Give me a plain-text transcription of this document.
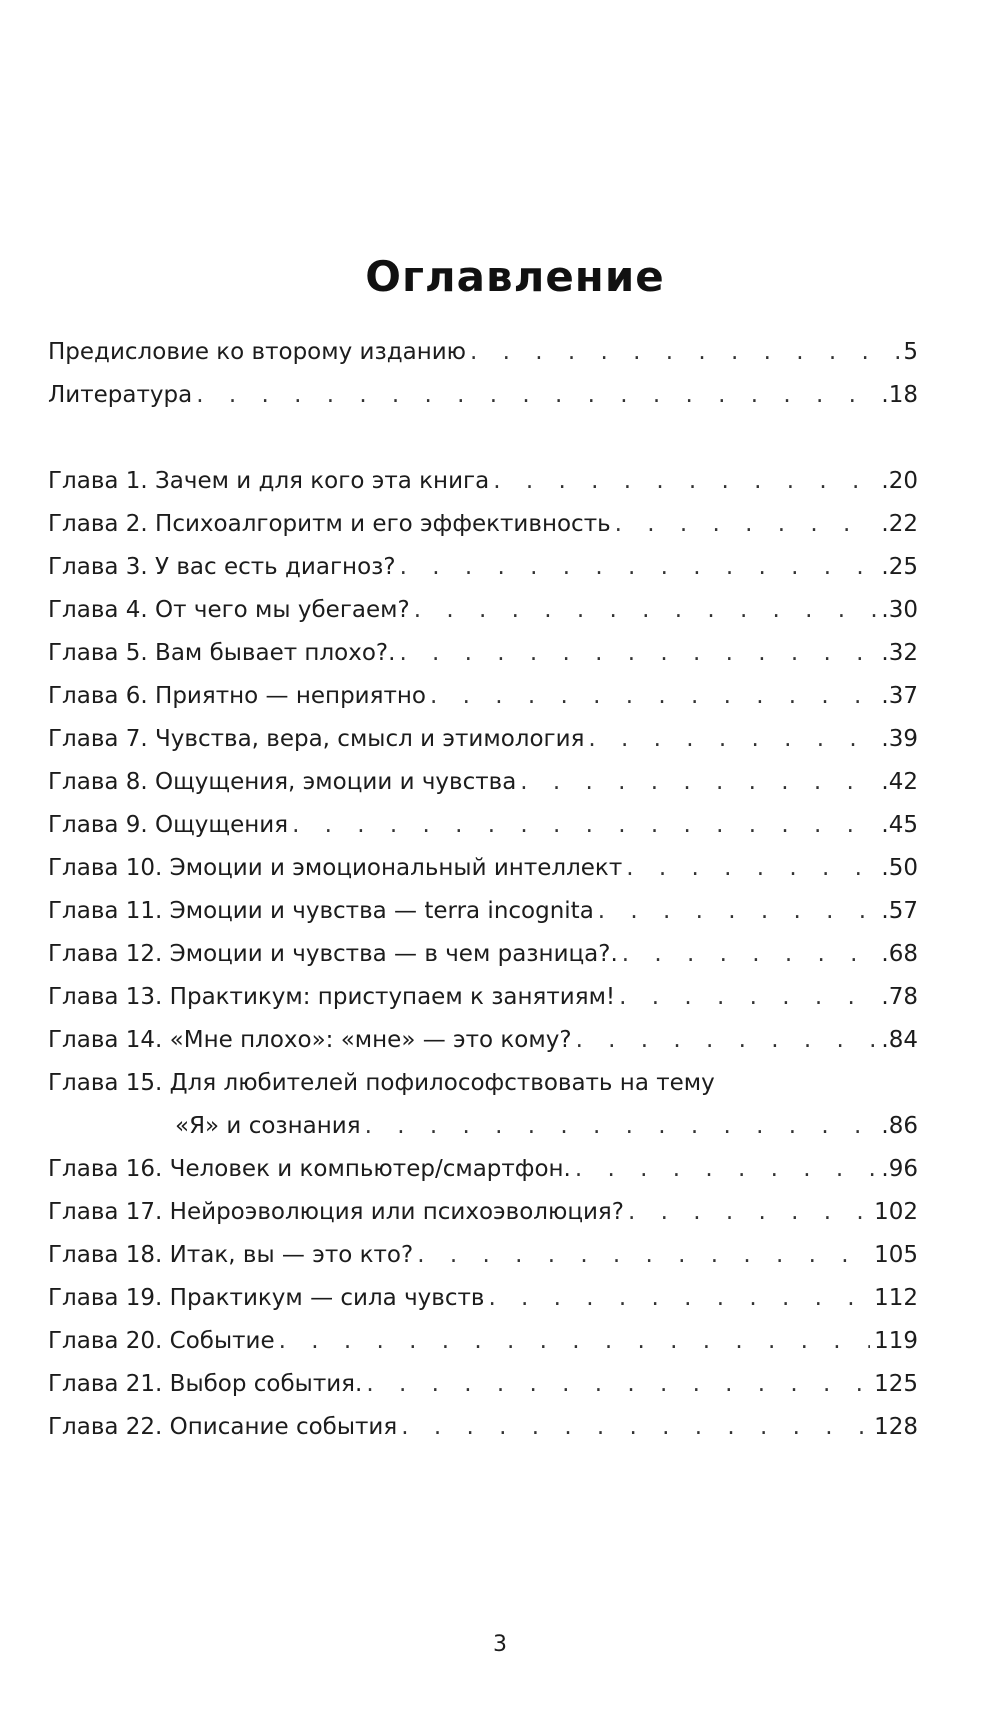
Оглавление
Предисловие ко второму изданию . . .	5
Литература . . .	.18
Глава 1. Зачем и для кого эта книга . . .	.20
Глава 2. Психоалгоритм и его эффективность . . .	.22
Глава 3. У вас есть диагноз? . . .	.25
Глава 4. От чего мы убегаем? . . .	.30
Глава 5. Вам бывает плохо?. . . .	.32
Глава 6. Приятно — неприятно . . .	.37
Глава 7. Чувства, вера, смысл и этимология . . .	.39
Глава 8. Ощущения, эмоции и чувства . . .	.42
Глава 9. Ощущения . . .	.45
Глава 10. Эмоции и эмоциональный интеллект . . .	.50
Глава 11. Эмоции и чувства — terra incognita . . .	.57
Глава 12. Эмоции и чувства — в чем разница?. . . .	.68
Глава 13. Практикум: приступаем к занятиям! . . .	.78
Глава 14. «Мне плохо»: «мне» — это кому? . . .	.84
Глава 15. Для любителей пофилософствовать на тему
«Я» и сознания . . .	.86
Глава 16. Человек и компьютер/смартфон. . . .	.96
Глава 17. Нейроэволюция или психоэволюция? . . .	102
Глава 18. Итак, вы — это кто? . . .	105
Глава 19. Практикум — сила чувств . . .	112
Глава 20. Событие . . .	119
Глава 21. Выбор события. . . .	125
Глава 22. Описание события . . .	128
3
